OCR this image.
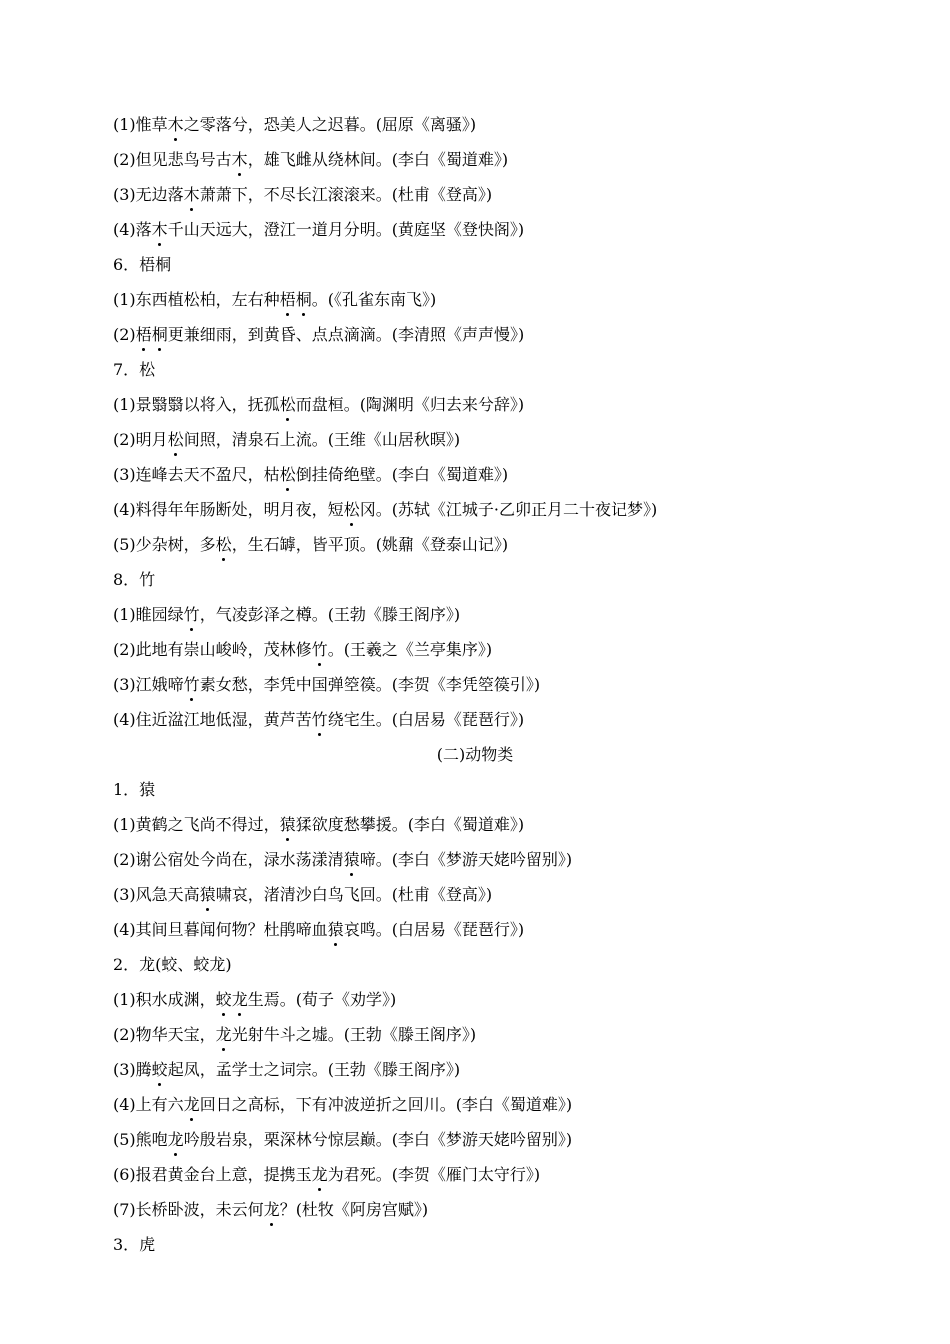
(1)惟草木之零落兮，恐美人之迟暮。(屈原《离骚》)
(2)但见悲鸟号古木，雄飞雌从绕林间。(李白《蜀道难》)
(3)无边落木萧萧下，不尽长江滚滚来。(杜甫《登高》)
(4)落木千山天远大，澄江一道月分明。(黄庭坚《登快阁》)
6．梧桐
(1)东西植松柏，左右种梧桐。(《孔雀东南飞》)
(2)梧桐更兼细雨，到黄昏、点点滴滴。(李清照《声声慢》)
7．松
(1)景翳翳以将入，抚孤松而盘桓。(陶渊明《归去来兮辞》)
(2)明月松间照，清泉石上流。(王维《山居秋暝》)
(3)连峰去天不盈尺，枯松倒挂倚绝壁。(李白《蜀道难》)
(4)料得年年肠断处，明月夜，短松冈。(苏轼《江城子·乙卯正月二十夜记梦》)
(5)少杂树，多松，生石罅，皆平顶。(姚鼐《登泰山记》)
8．竹
(1)睢园绿竹，气凌彭泽之樽。(王勃《滕王阁序》)
(2)此地有崇山峻岭，茂林修竹。(王羲之《兰亭集序》)
(3)江娥啼竹素女愁，李凭中国弹箜篌。(李贺《李凭箜篌引》)
(4)住近湓江地低湿，黄芦苦竹绕宅生。(白居易《琵琶行》)
(二)动物类
1．猿
(1)黄鹤之飞尚不得过，猿猱欲度愁攀援。(李白《蜀道难》)
(2)谢公宿处今尚在，渌水荡漾清猿啼。(李白《梦游天姥吟留别》)
(3)风急天高猿啸哀，渚清沙白鸟飞回。(杜甫《登高》)
(4)其间旦暮闻何物？杜鹃啼血猿哀鸣。(白居易《琵琶行》)
2．龙(蛟、蛟龙)
(1)积水成渊，蛟龙生焉。(荀子《劝学》)
(2)物华天宝，龙光射牛斗之墟。(王勃《滕王阁序》)
(3)腾蛟起凤，孟学士之词宗。(王勃《滕王阁序》)
(4)上有六龙回日之高标，下有冲波逆折之回川。(李白《蜀道难》)
(5)熊咆龙吟殷岩泉，栗深林兮惊层巅。(李白《梦游天姥吟留别》)
(6)报君黄金台上意，提携玉龙为君死。(李贺《雁门太守行》)
(7)长桥卧波，未云何龙？(杜牧《阿房宫赋》)
3．虎
